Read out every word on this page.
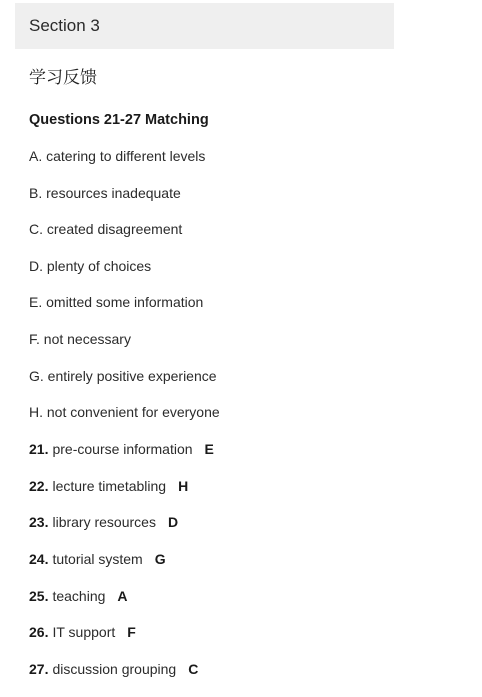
Section 3
学习反馈
Questions 21-27 Matching
A. catering to different levels
B. resources inadequate
C. created disagreement
D. plenty of choices
E. omitted some information
F. not necessary
G. entirely positive experience
H. not convenient for everyone
21. pre-course information E
22. lecture timetabling H
23. library resources D
24. tutorial system G
25. teaching A
26. IT support F
27. discussion grouping C
